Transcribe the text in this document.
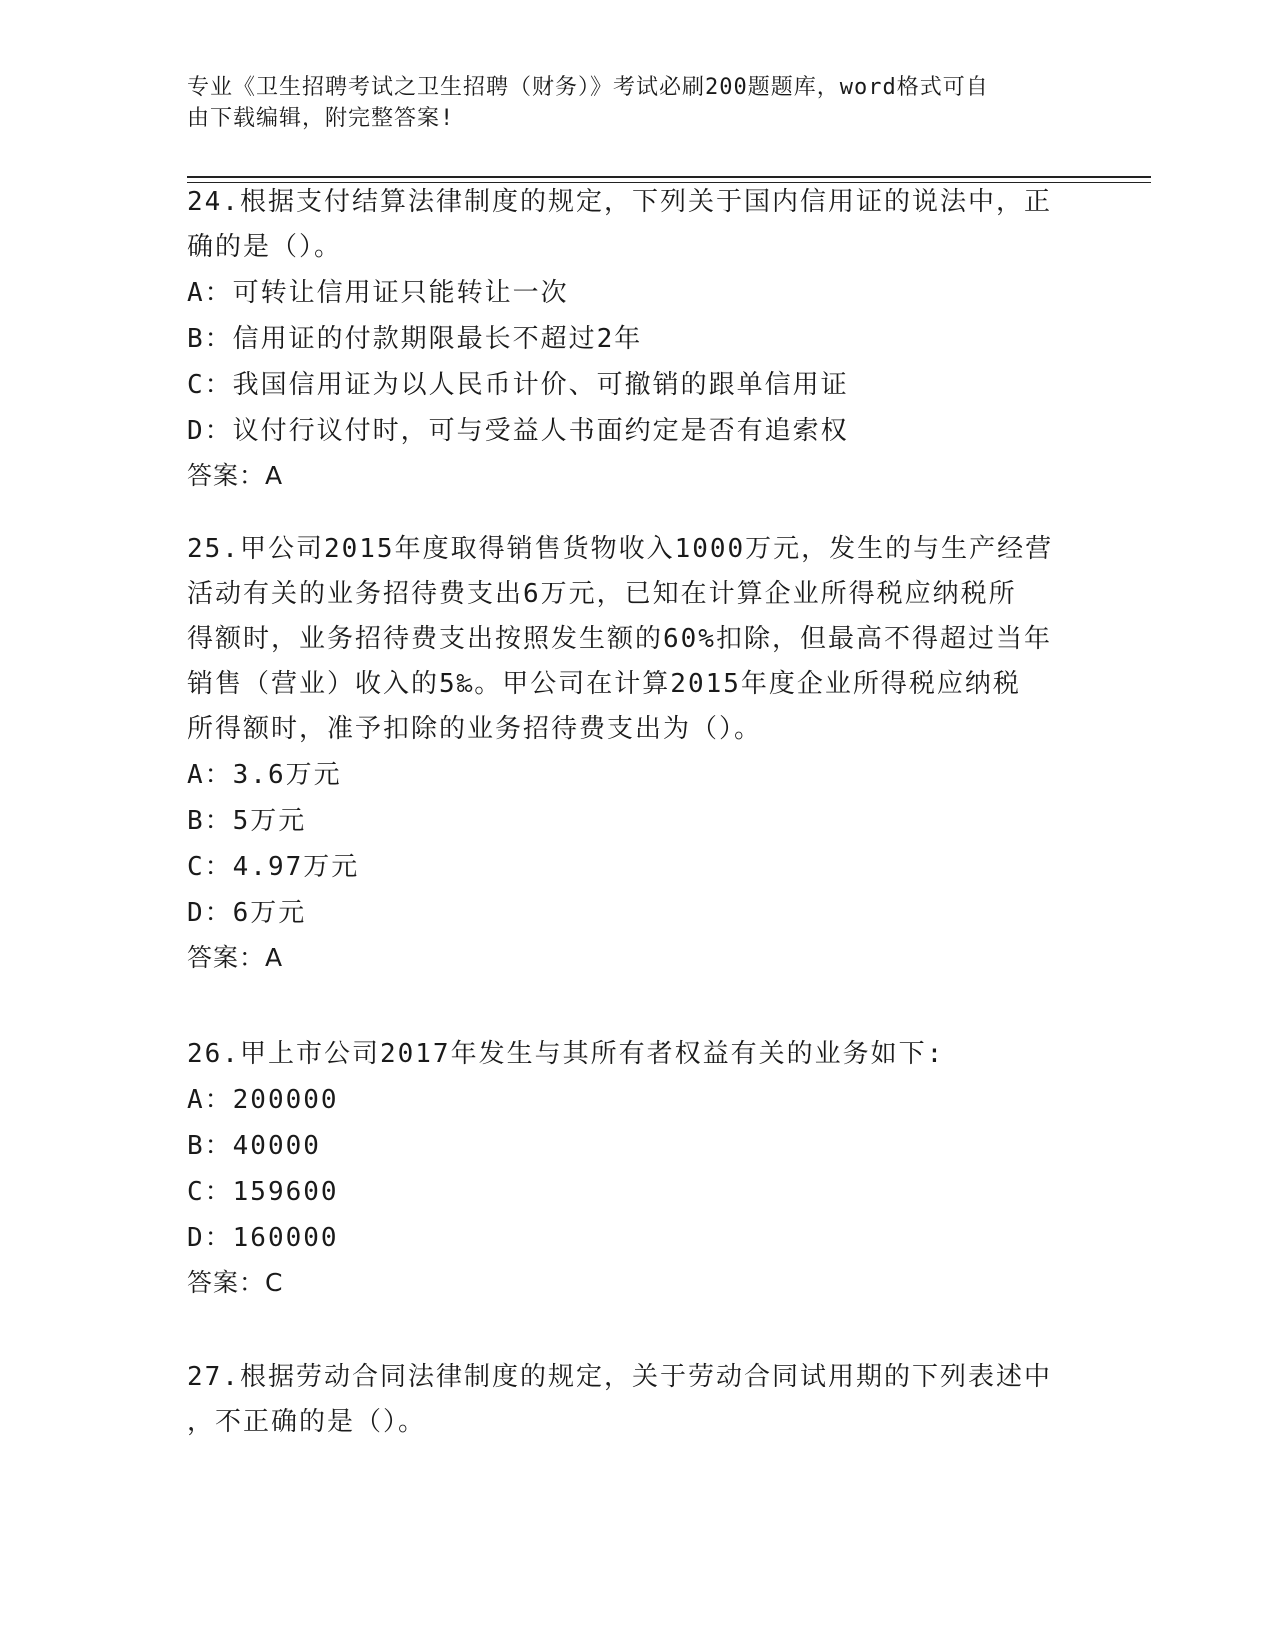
专业《卫生招聘考试之卫生招聘（财务）》考试必刷200题题库，word格式可自
由下载编辑，附完整答案!
24.根据支付结算法律制度的规定，下列关于国内信用证的说法中，正
确的是（）。
A：可转让信用证只能转让一次
B：信用证的付款期限最长不超过2年
C：我国信用证为以人民币计价、可撤销的跟单信用证
D：议付行议付时，可与受益人书面约定是否有追索权
答案：A
25.甲公司2015年度取得销售货物收入1000万元，发生的与生产经营
活动有关的业务招待费支出6万元，已知在计算企业所得税应纳税所
得额时，业务招待费支出按照发生额的60%扣除，但最高不得超过当年
销售（营业）收入的5‰。甲公司在计算2015年度企业所得税应纳税
所得额时，准予扣除的业务招待费支出为（）。
A：3.6万元
B：5万元
C：4.97万元
D：6万元
答案：A
26.甲上市公司2017年发生与其所有者权益有关的业务如下:
A：200000
B：40000
C：159600
D：160000
答案：C
27.根据劳动合同法律制度的规定，关于劳动合同试用期的下列表述中
，不正确的是（）。
